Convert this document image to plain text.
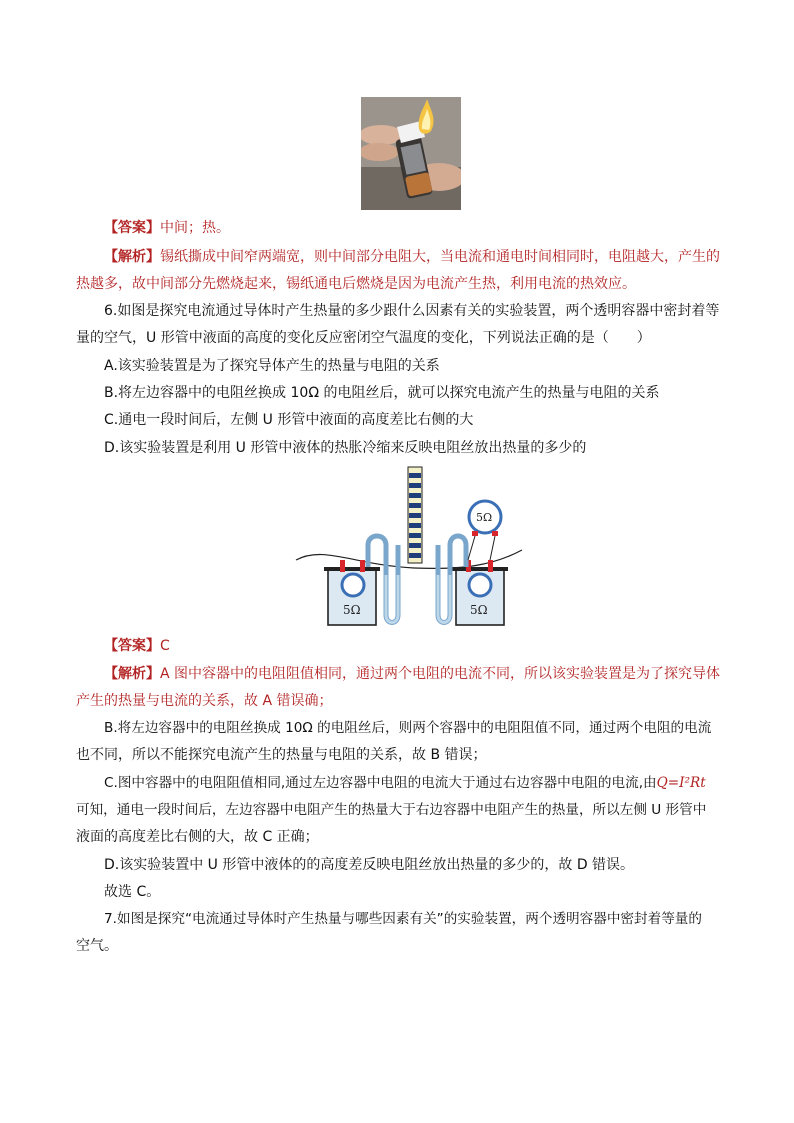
【答案】中间；热。
【解析】锡纸撕成中间窄两端宽，则中间部分电阻大，当电流和通电时间相同时，电阻越大，产生的
热越多，故中间部分先燃烧起来，锡纸通电后燃烧是因为电流产生热，利用电流的热效应。
6.如图是探究电流通过导体时产生热量的多少跟什么因素有关的实验装置，两个透明容器中密封着等
量的空气，U 形管中液面的高度的变化反应密闭空气温度的变化，下列说法正确的是（　　）
A.该实验装置是为了探究导体产生的热量与电阻的关系
B.将左边容器中的电阻丝换成 10Ω 的电阻丝后，就可以探究电流产生的热量与电阻的关系
C.通电一段时间后，左侧 U 形管中液面的高度差比右侧的大
D.该实验装置是利用 U 形管中液体的热胀冷缩来反映电阻丝放出热量的多少的
5Ω	5Ω
5Ω
【答案】C
【解析】A 图中容器中的电阻阻值相同，通过两个电阻的电流不同，所以该实验装置是为了探究导体
产生的热量与电流的关系，故 A 错误确；
B.将左边容器中的电阻丝换成 10Ω 的电阻丝后，则两个容器中的电阻阻值不同，通过两个电阻的电流
也不同，所以不能探究电流产生的热量与电阻的关系，故 B 错误；
C.图中容器中的电阻阻值相同,通过左边容器中电阻的电流大于通过右边容器中电阻的电流,由Q=I²Rt
可知，通电一段时间后，左边容器中电阻产生的热量大于右边容器中电阻产生的热量，所以左侧 U 形管中
液面的高度差比右侧的大，故 C 正确；
D.该实验装置中 U 形管中液体的的高度差反映电阻丝放出热量的多少的，故 D 错误。
故选 C。
7.如图是探究“电流通过导体时产生热量与哪些因素有关”的实验装置，两个透明容器中密封着等量的
空气。
